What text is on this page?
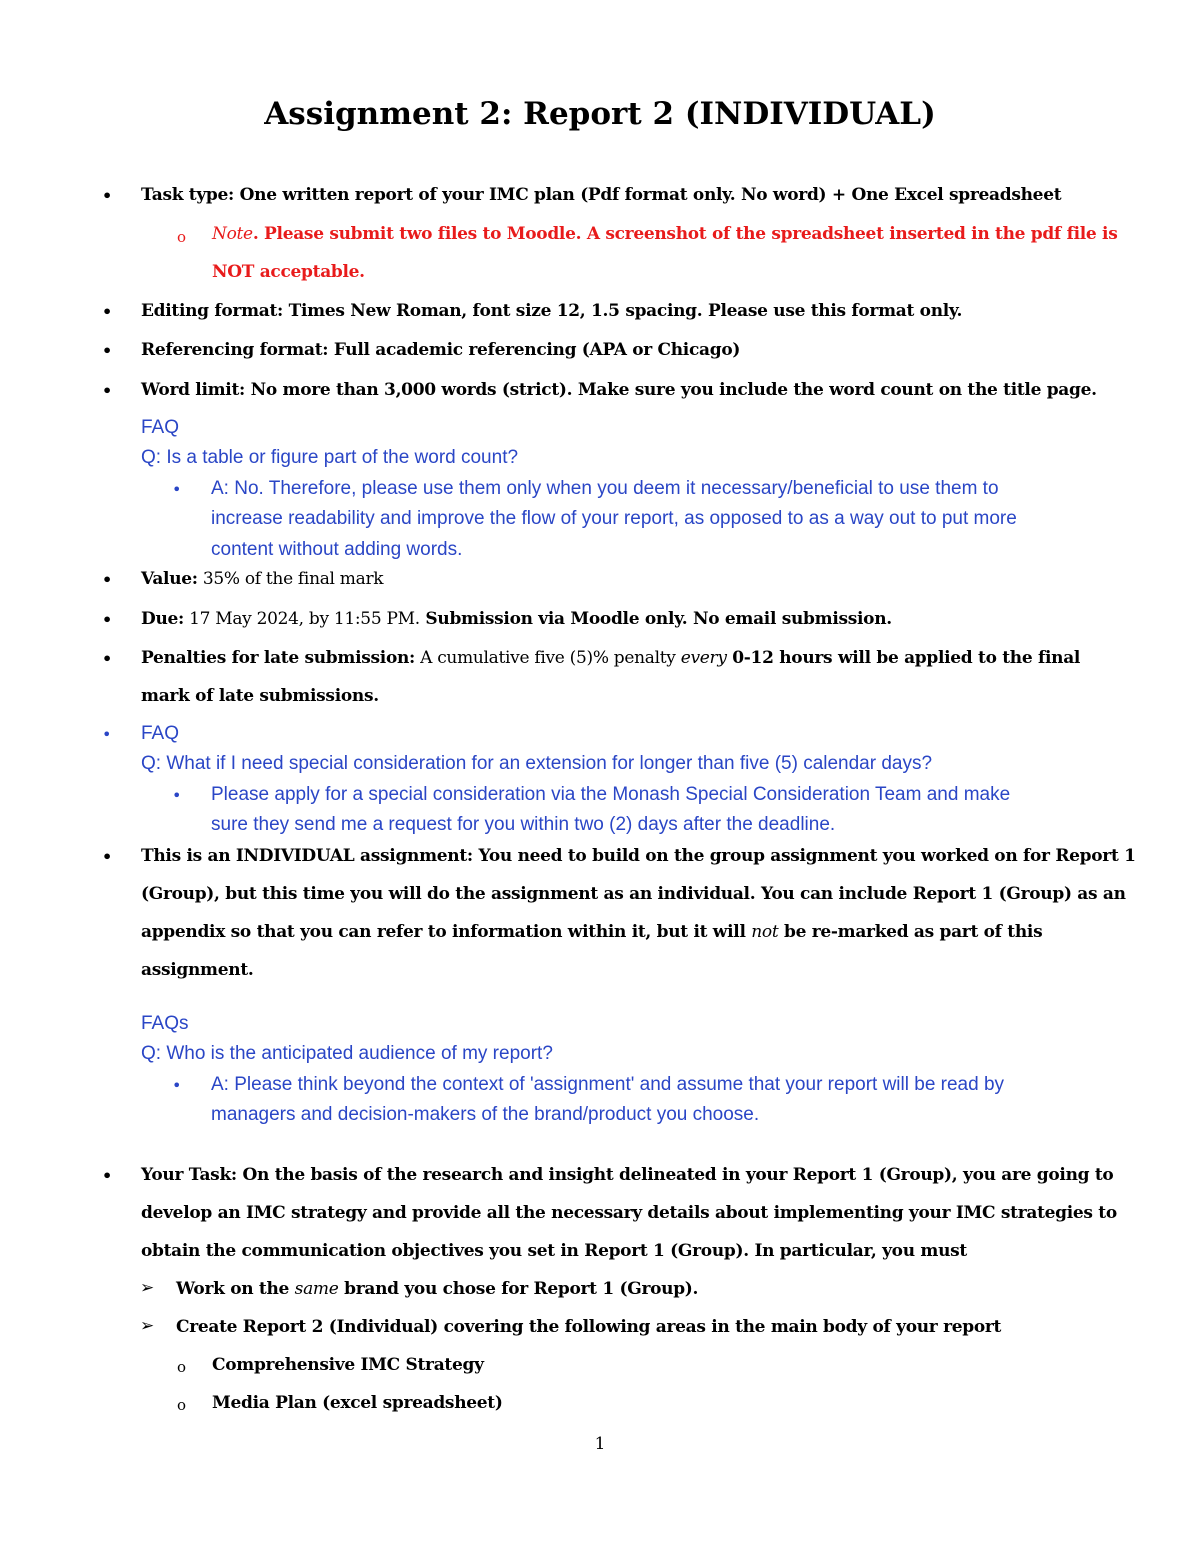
Assignment 2: Report 2 (INDIVIDUAL)
• Task type: One written report of your IMC plan (Pdf format only. No word) + One Excel spreadsheet
o Note. Please submit two files to Moodle. A screenshot of the spreadsheet inserted in the pdf file is
NOT acceptable.
• Editing format: Times New Roman, font size 12, 1.5 spacing. Please use this format only.
• Referencing format: Full academic referencing (APA or Chicago)
• Word limit: No more than 3,000 words (strict). Make sure you include the word count on the title page.
FAQ
Q: Is a table or figure part of the word count?
• A: No. Therefore, please use them only when you deem it necessary/beneficial to use them to
increase readability and improve the flow of your report, as opposed to as a way out to put more
content without adding words.
• Value: 35% of the final mark
• Due: 17 May 2024, by 11:55 PM. Submission via Moodle only. No email submission.
• Penalties for late submission: A cumulative five (5)% penalty every 0-12 hours will be applied to the final
mark of late submissions.
• FAQ
Q: What if I need special consideration for an extension for longer than five (5) calendar days?
• Please apply for a special consideration via the Monash Special Consideration Team and make
sure they send me a request for you within two (2) days after the deadline.
• This is an INDIVIDUAL assignment: You need to build on the group assignment you worked on for Report 1
(Group), but this time you will do the assignment as an individual. You can include Report 1 (Group) as an
appendix so that you can refer to information within it, but it will not be re-marked as part of this
assignment.
FAQs
Q: Who is the anticipated audience of my report?
• A: Please think beyond the context of 'assignment' and assume that your report will be read by
managers and decision-makers of the brand/product you choose.
• Your Task: On the basis of the research and insight delineated in your Report 1 (Group), you are going to
develop an IMC strategy and provide all the necessary details about implementing your IMC strategies to
obtain the communication objectives you set in Report 1 (Group). In particular, you must
➢ Work on the same brand you chose for Report 1 (Group).
➢ Create Report 2 (Individual) covering the following areas in the main body of your report
o Comprehensive IMC Strategy
o Media Plan (excel spreadsheet)
1
